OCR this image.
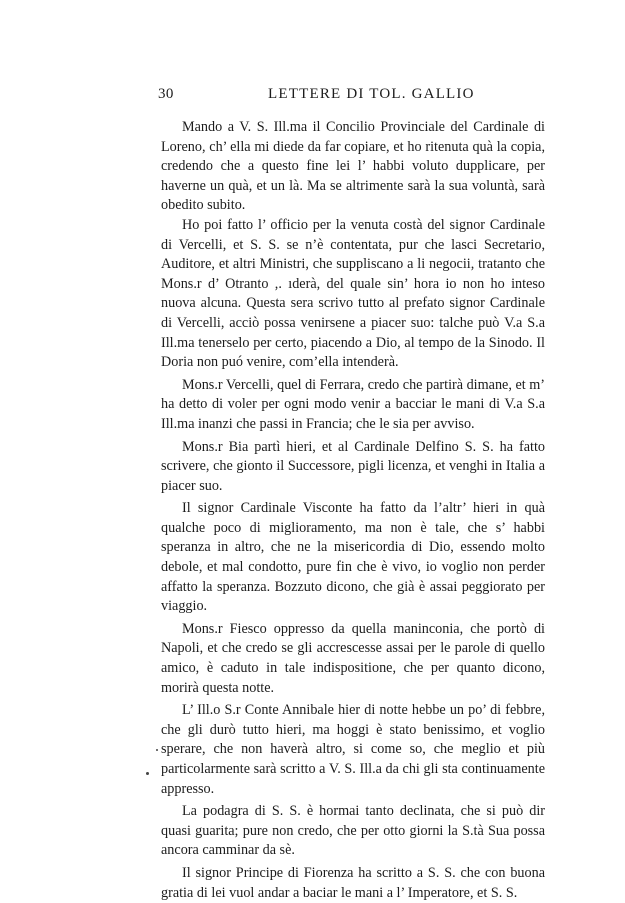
30	LETTERE DI TOL. GALLIO

Mando a V. S. Ill.ma il Concilio Provinciale del Cardinale di Loreno, ch’ ella mi diede da far copiare, et ho ritenuta quà la copia, credendo che a questo fine lei l’ habbi voluto dupplicare, per haverne un quà, et un là. Ma se altrimente sarà la sua voluntà, sarà obedito subito.

Ho poi fatto l’ officio per la venuta costà del signor Cardinale di Vercelli, et S. S. se n’è contentata, pur che lasci Secretario, Auditore, et altri Ministri, che suppliscano a li negocii, tratanto che Mons.r d’ Otranto ,. ıderà, del quale sin’ hora io non ho inteso nuova alcuna. Questa sera scrivo tutto al prefato signor Cardinale di Vercelli, acciò possa venirsene a piacer suo: talche può V.a S.a Ill.ma tenerselo per certo, piacendo a Dio, al tempo de la Sinodo. Il Doria non puó venire, com’ella intenderà.

Mons.r Vercelli, quel di Ferrara, credo che partirà dimane, et m’ ha detto di voler per ogni modo venir a bacciar le mani di V.a S.a Ill.ma inanzi che passi in Francia; che le sia per avviso.

Mons.r Bia partì hieri, et al Cardinale Delfino S. S. ha fatto scrivere, che gionto il Successore, pigli licenza, et venghi in Italia a piacer suo.

Il signor Cardinale Visconte ha fatto da l’altr’ hieri in quà qualche poco di miglioramento, ma non è tale, che s’ habbi speranza in altro, che ne la misericordia di Dio, essendo molto debole, et mal condotto, pure fin che è vivo, io voglio non perder affatto la speranza. Bozzuto dicono, che già è assai peggiorato per viaggio.

Mons.r Fiesco oppresso da quella maninconia, che portò di Napoli, et che credo se gli accrescesse assai per le parole di quello amico, è caduto in tale indispositione, che per quanto dicono, morirà questa notte.

L’ Ill.o S.r Conte Annibale hier di notte hebbe un po’ di febbre, che gli durò tutto hieri, ma hoggi è stato benissimo, et voglio sperare, che non haverà altro, si come so, che meglio et più particolarmente sarà scritto a V. S. Ill.a da chi gli sta continuamente appresso.

La podagra di S. S. è hormai tanto declinata, che si può dir quasi guarita; pure non credo, che per otto giorni la S.tà Sua possa ancora camminar da sè.

Il signor Principe di Fiorenza ha scritto a S. S. che con buona gratia di lei vuol andar a baciar le mani a l’ Imperatore, et S. S.
